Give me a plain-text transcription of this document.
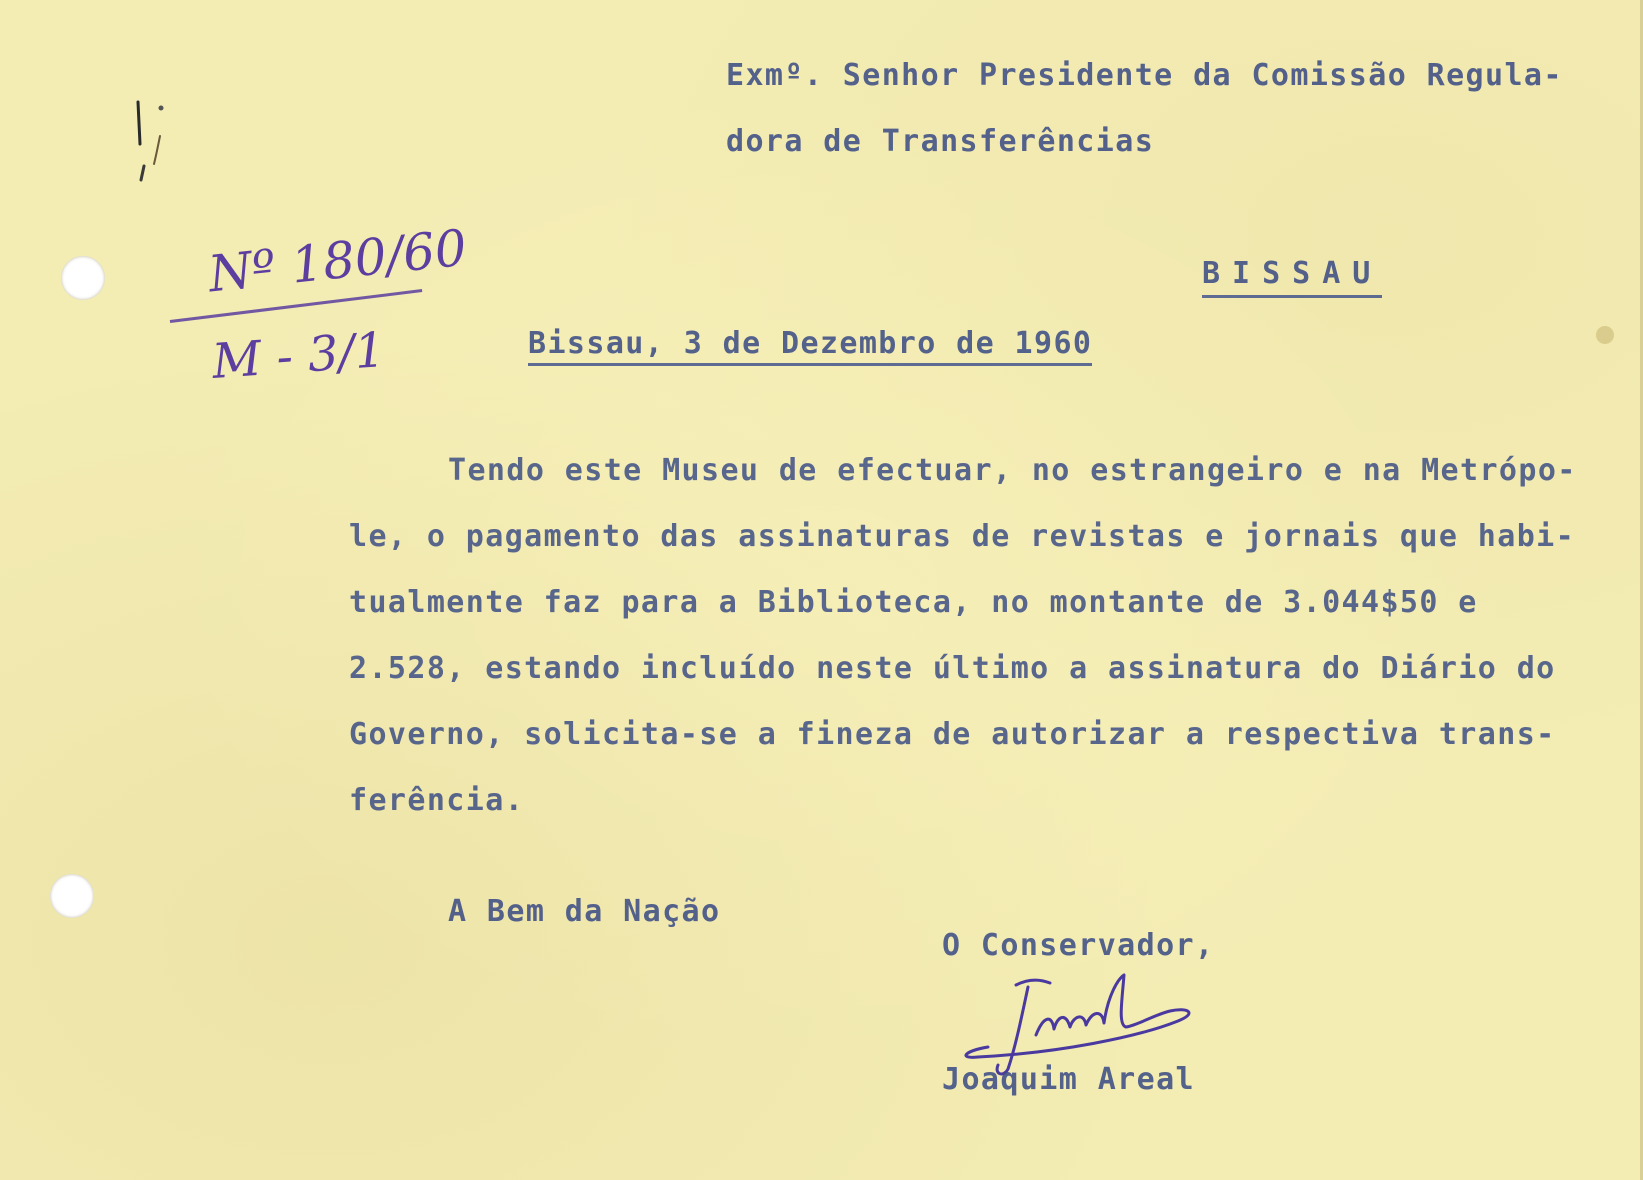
Exmº. Senhor Presidente da Comissão Regula-
dora de Transferências
Nº 180/60
M - 3/1
BISSAU
Bissau, 3 de Dezembro de 1960
Tendo este Museu de efectuar, no estrangeiro e na Metrópo-
le, o pagamento das assinaturas de revistas e jornais que habi-
tualmente faz para a Biblioteca, no montante de 3.044$50 e
2.528, estando incluído neste último a assinatura do Diário do
Governo, solicita-se a fineza de autorizar a respectiva trans-
ferência.
A Bem da Nação
O Conservador,
Joaquim Areal
